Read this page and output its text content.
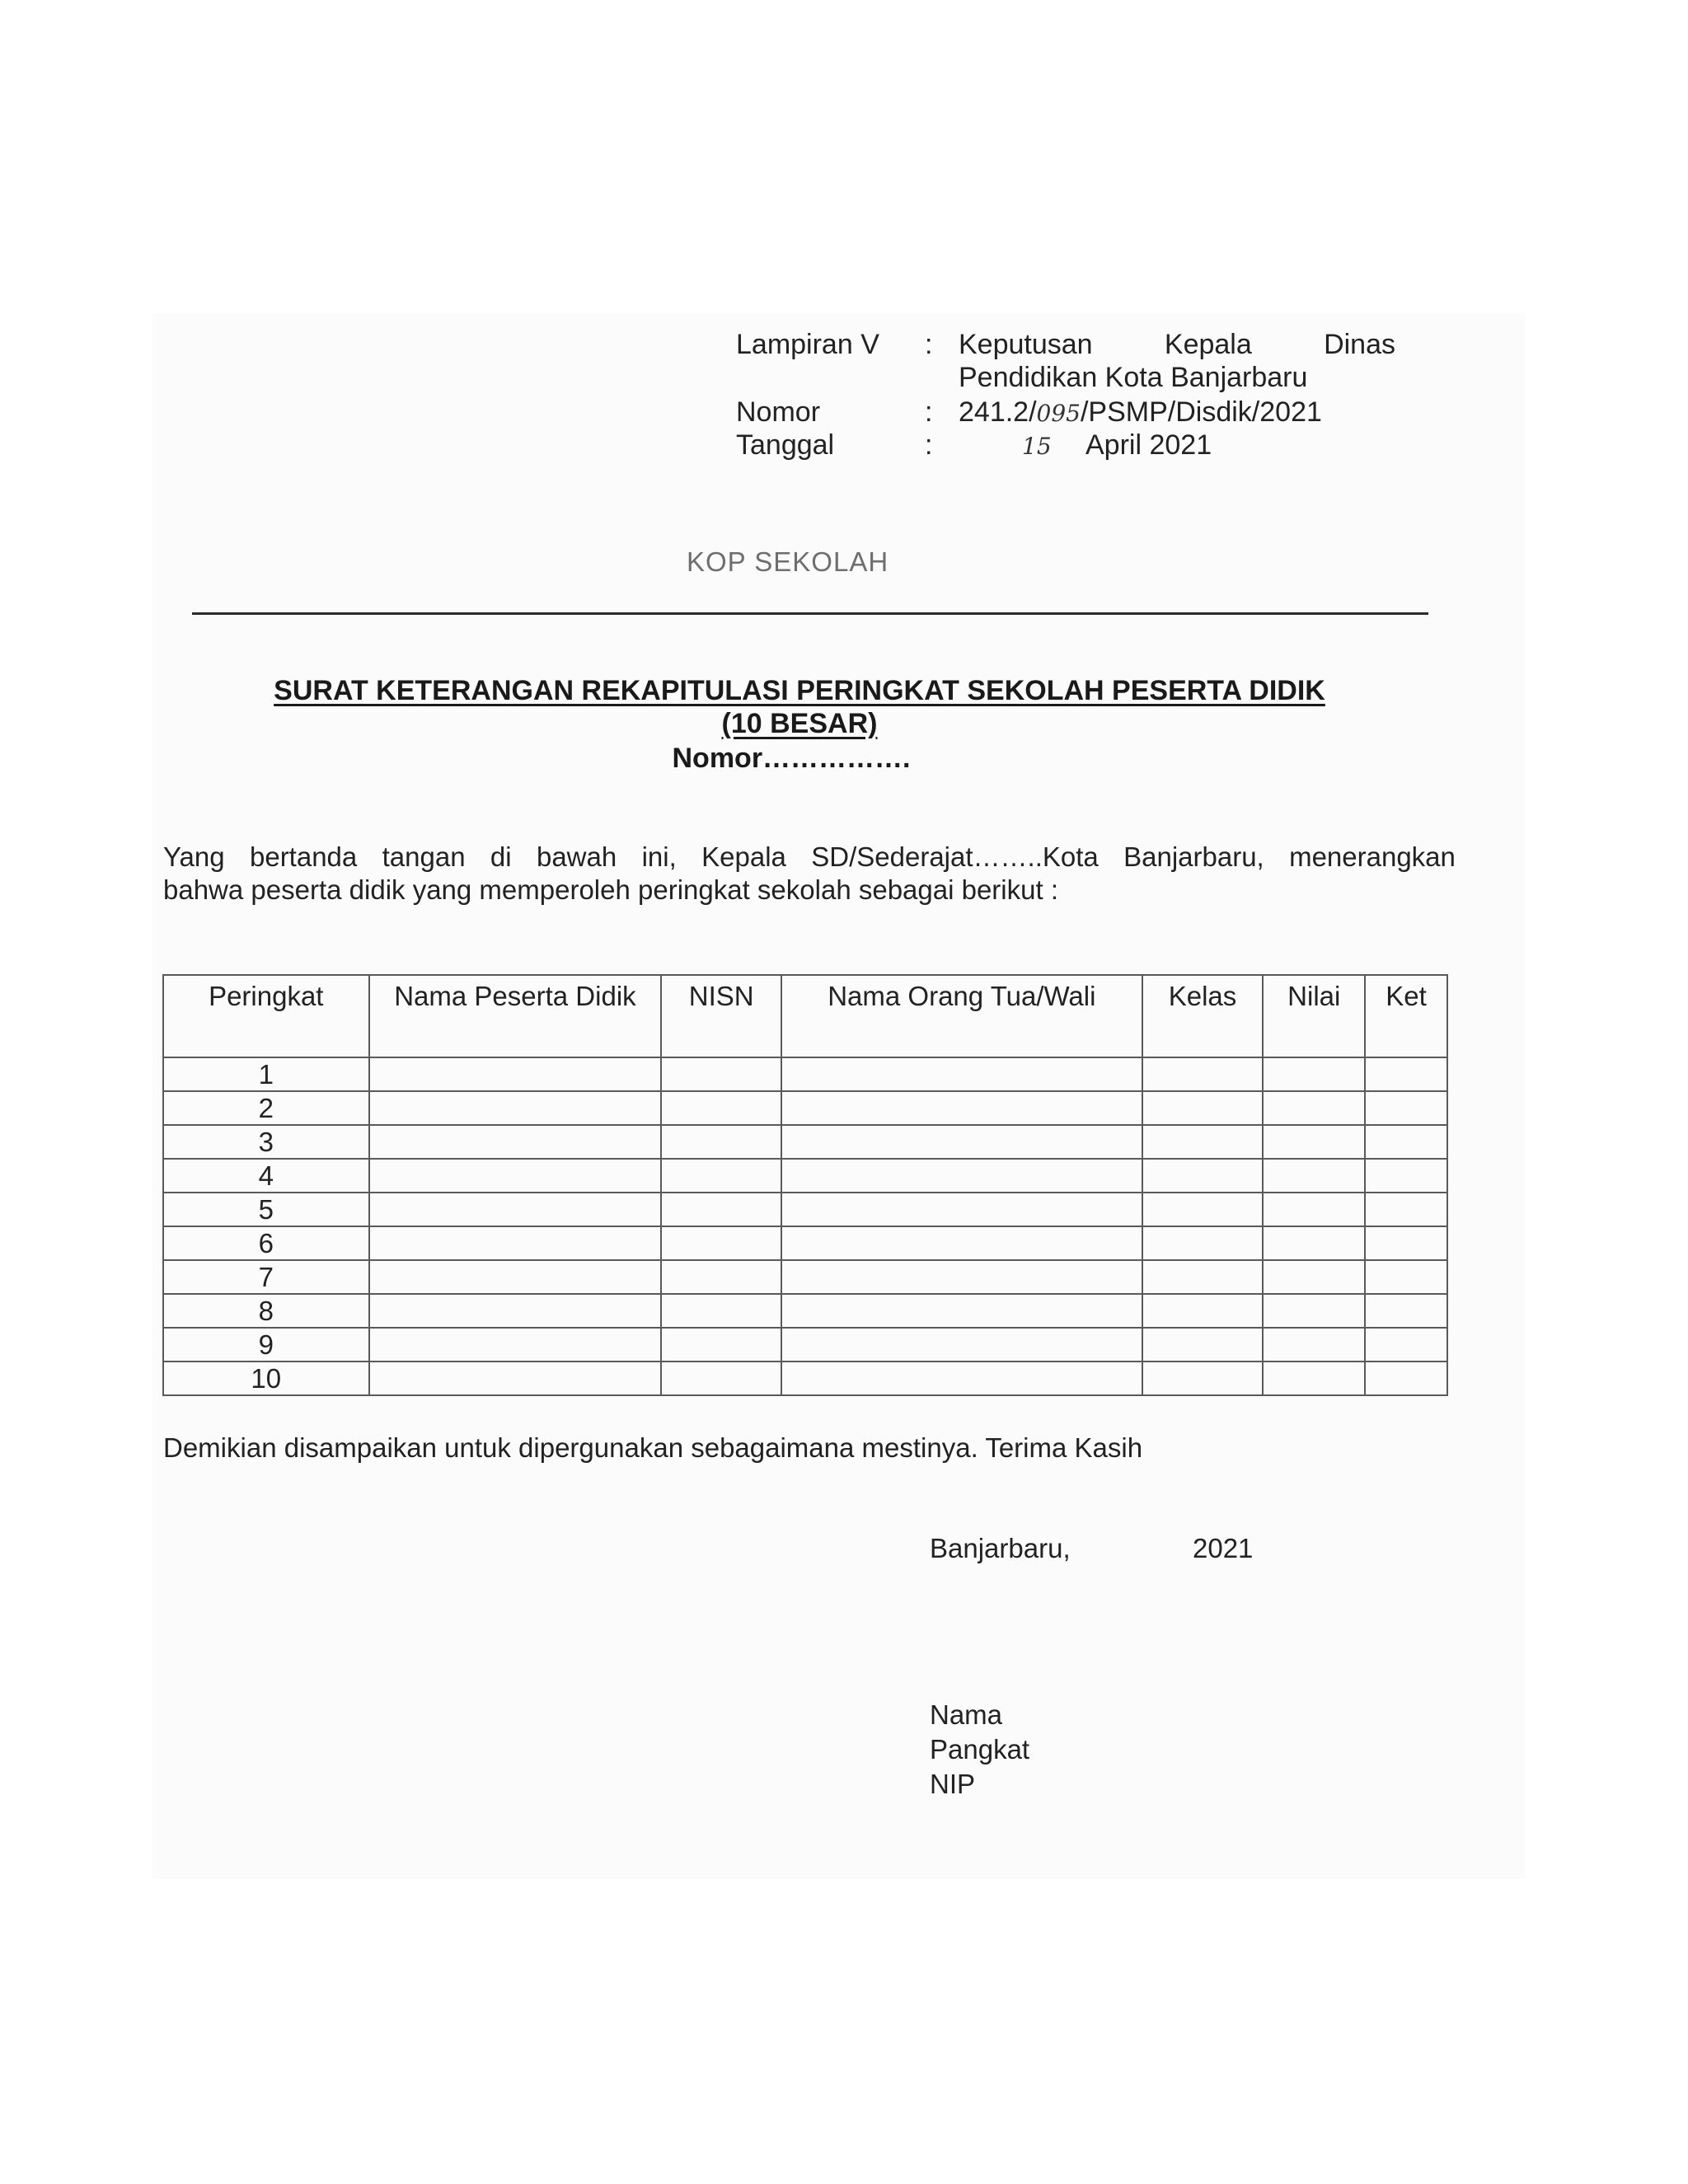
Lampiran V : Keputusan	Kepala	Dinas
Pendidikan Kota Banjarbaru
Nomor	: 241.2/095/PSMP/Disdik/2021
Tanggal	:	15 April 2021
KOP SEKOLAH
SURAT KETERANGAN REKAPITULASI PERINGKAT SEKOLAH PESERTA DIDIK
(10 BESAR)
Nomor…………….
Yang bertanda tangan di bawah ini, Kepala SD/Sederajat……..Kota Banjarbaru, menerangkan
bahwa peserta didik yang memperoleh peringkat sekolah sebagai berikut :
Peringkat	Nama Peserta Didik	NISN	Nama Orang Tua/Wali	Kelas	Nilai	Ket
1						
2						
3						
4						
5						
6						
7						
8						
9						
10						
Demikian disampaikan untuk dipergunakan sebagaimana mestinya. Terima Kasih
Banjarbaru,	2021
Nama
Pangkat
NIP
